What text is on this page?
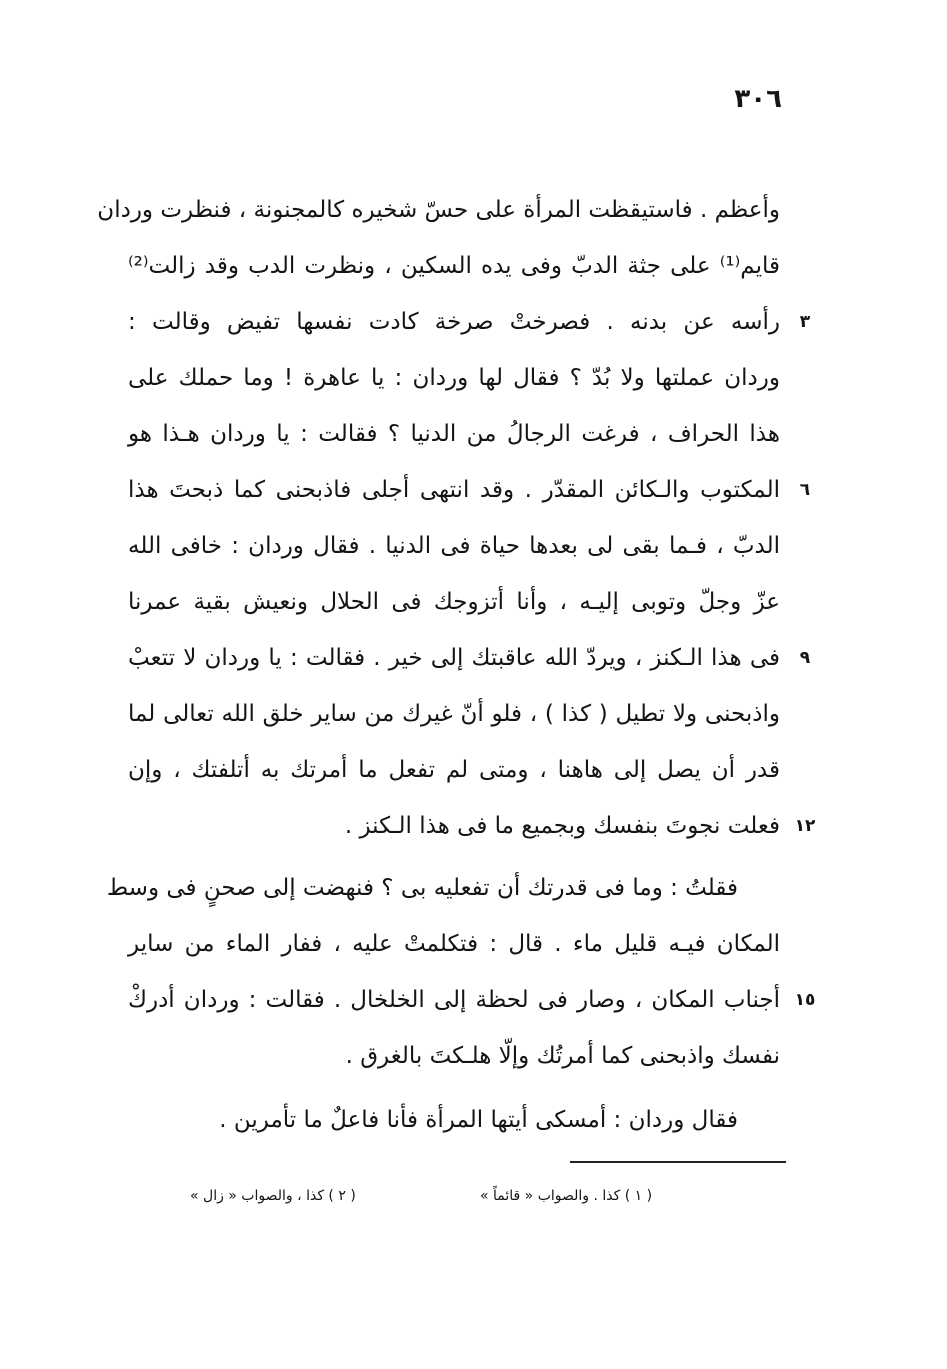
٣٠٦
وأعظم . فاستيقظت المرأة على حسّ شخيره كالمجنونة ، فنظرت وردان
قايم⁽¹⁾ على جثة الدبّ وفى يده السكين ، ونظرت الدب وقد زالت⁽²⁾
رأسه عن بدنه . فصرختْ صرخة كادت نفسها تفيض وقالت :	٣
وردان عملتها ولا بُدّ ؟ فقال لها وردان : يا عاهرة ! وما حملك على
هذا الحراف ، فرغت الرجالُ من الدنيا ؟ فقالت : يا وردان هـذا هو
المكتوب والـكائن المقدّر . وقد انتهى أجلى فاذبحنى كما ذبحتَ هذا	٦
الدبّ ، فـما بقى لى بعدها حياة فى الدنيا . فقال وردان : خافى الله
عزّ وجلّ وتوبى إليـه ، وأنا أتزوجك فى الحلال ونعيش بقية عمرنا
فى هذا الـكنز ، ويردّ الله عاقبتك إلى خير . فقالت : يا وردان لا تتعبْ	٩
واذبحنى ولا تطيل ( كذا ) ، فلو أنّ غيرك من ساير خلق الله تعالى لما
قدر أن يصل إلى هاهنا ، ومتى لم تفعل ما أمرتك به أتلفتك ، وإن
فعلت نجوتَ بنفسك وبجميع ما فى هذا الـكنز . ١٢
فقلتُ : وما فى قدرتك أن تفعليه بى ؟ فنهضت إلى صحنٍ فى وسط
المكان فيـه قليل ماء . قال : فتكلمتْ عليه ، ففار الماء من ساير
أجناب المكان ، وصار فى لحظة إلى الخلخال . فقالت : وردان أدركْ ١٥
نفسك واذبحنى كما أمرتُك وإلّا هلـكتَ بالغرق .
فقال وردان : أمسكى أيتها المرأة فأنا فاعلٌ ما تأمرين .
( ١ ) كذا . والصواب « قائماً »
( ٢ ) كذا ، والصواب « زال »
